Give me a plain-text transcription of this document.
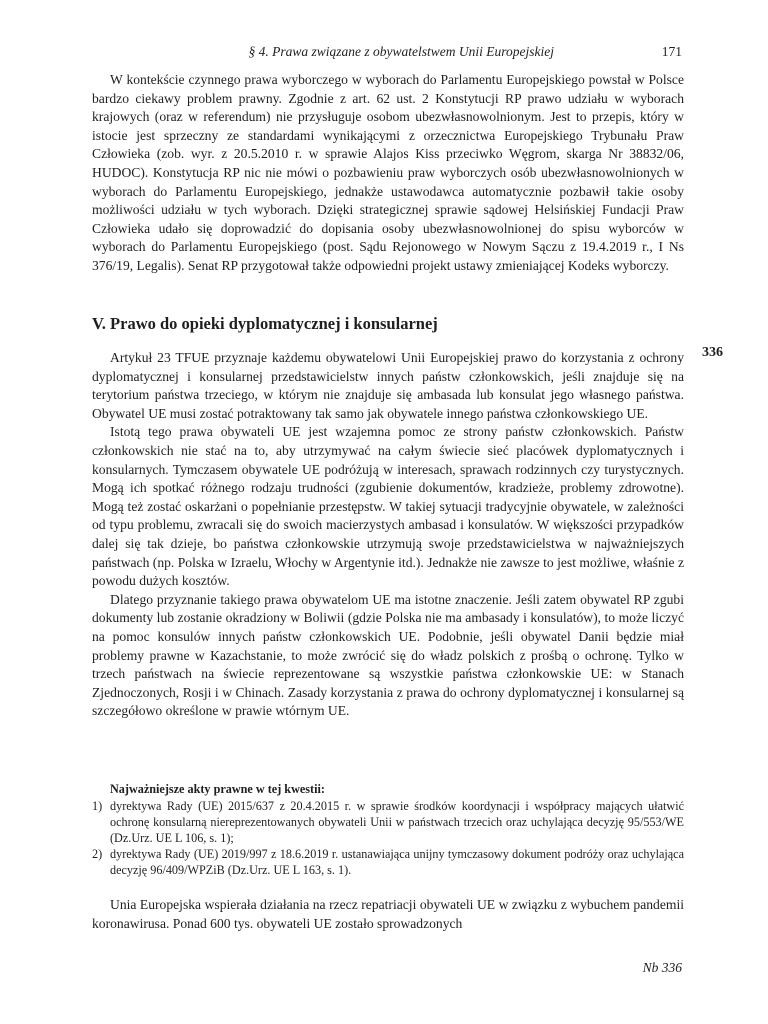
§ 4. Prawa związane z obywatelstwem Unii Europejskiej	171

W kontekście czynnego prawa wyborczego w wyborach do Parlamentu Europejskiego powstał w Polsce bardzo ciekawy problem prawny. Zgodnie z art. 62 ust. 2 Konstytucji RP prawo udziału w wyborach krajowych (oraz w referendum) nie przysługuje osobom ubezwłasnowolnionym. Jest to przepis, który w istocie jest sprzeczny ze standardami wynikającymi z orzecznictwa Europejskiego Trybunału Praw Człowieka (zob. wyr. z 20.5.2010 r. w sprawie Alajos Kiss przeciwko Węgrom, skarga Nr 38832/06, HUDOC). Konstytucja RP nic nie mówi o pozbawieniu praw wyborczych osób ubezwłasnowolnionych w wyborach do Parlamentu Europejskiego, jednakże ustawodawca automatycznie pozbawił takie osoby możliwości udziału w tych wyborach. Dzięki strategicznej sprawie sądowej Helsińskiej Fundacji Praw Człowieka udało się doprowadzić do dopisania osoby ubezwłasnowolnionej do spisu wyborców w wyborach do Parlamentu Europejskiego (post. Sądu Rejonowego w Nowym Sączu z 19.4.2019 r., I Ns 376/19, Legalis). Senat RP przygotował także odpowiedni projekt ustawy zmieniającej Kodeks wyborczy.

V. Prawo do opieki dyplomatycznej i konsularnej
336

Artykuł 23 TFUE przyznaje każdemu obywatelowi Unii Europejskiej prawo do korzystania z ochrony dyplomatycznej i konsularnej przedstawicielstw innych państw członkowskich, jeśli znajduje się na terytorium państwa trzeciego, w którym nie znajduje się ambasada lub konsulat jego własnego państwa. Obywatel UE musi zostać potraktowany tak samo jak obywatele innego państwa członkowskiego UE.

Istotą tego prawa obywateli UE jest wzajemna pomoc ze strony państw członkowskich. Państw członkowskich nie stać na to, aby utrzymywać na całym świecie sieć placówek dyplomatycznych i konsularnych. Tymczasem obywatele UE podróżują w interesach, sprawach rodzinnych czy turystycznych. Mogą ich spotkać różnego rodzaju trudności (zgubienie dokumentów, kradzieże, problemy zdrowotne). Mogą też zostać oskarżani o popełnianie przestępstw. W takiej sytuacji tradycyjnie obywatele, w zależności od typu problemu, zwracali się do swoich macierzystych ambasad i konsulatów. W większości przypadków dalej się tak dzieje, bo państwa członkowskie utrzymują swoje przedstawicielstwa w najważniejszych państwach (np. Polska w Izraelu, Włochy w Argentynie itd.). Jednakże nie zawsze to jest możliwe, właśnie z powodu dużych kosztów.

Dlatego przyznanie takiego prawa obywatelom UE ma istotne znaczenie. Jeśli zatem obywatel RP zgubi dokumenty lub zostanie okradziony w Boliwii (gdzie Polska nie ma ambasady i konsulatów), to może liczyć na pomoc konsulów innych państw członkowskich UE. Podobnie, jeśli obywatel Danii będzie miał problemy prawne w Kazachstanie, to może zwrócić się do władz polskich z prośbą o ochronę. Tylko w trzech państwach na świecie reprezentowane są wszystkie państwa członkowskie UE: w Stanach Zjednoczonych, Rosji i w Chinach. Zasady korzystania z prawa do ochrony dyplomatycznej i konsularnej są szczegółowo określone w prawie wtórnym UE.

Najważniejsze akty prawne w tej kwestii:
1) dyrektywa Rady (UE) 2015/637 z 20.4.2015 r. w sprawie środków koordynacji i współpracy mających ułatwić ochronę konsularną niereprezentowanych obywateli Unii w państwach trzecich oraz uchylająca decyzję 95/553/WE (Dz.Urz. UE L 106, s. 1);
2) dyrektywa Rady (UE) 2019/997 z 18.6.2019 r. ustanawiająca unijny tymczasowy dokument podróży oraz uchylająca decyzję 96/409/WPZiB (Dz.Urz. UE L 163, s. 1).

Unia Europejska wspierała działania na rzecz repatriacji obywateli UE w związku z wybuchem pandemii koronawirusa. Ponad 600 tys. obywateli UE zostało sprowadzonych

Nb 336
